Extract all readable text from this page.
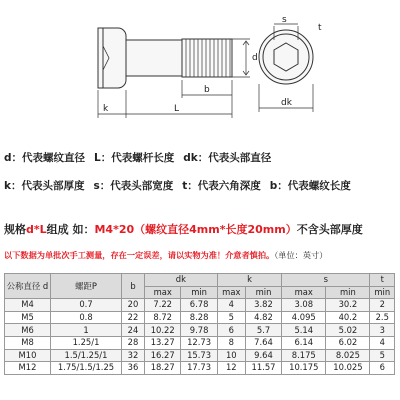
d
k	L
b
dk
t
s
d：代表螺纹直径 L：代表螺杆长度 dk：代表头部直径
k：代表头部厚度 s：代表头部宽度 t：代表六角深度 b：代表螺纹长度
规格d*L组成 如：M4*20（螺纹直径4mm*长度20mm）不含头部厚度
以下数据为单批次手工测量，存在一定误差，请以实物为准！介意者慎拍。（单位：英寸）
公称直径 d	螺距P	b	dk		k		s		t
			max	min	max	min	max	min	min
M4	0.7	20	7.22	6.78	4	3.82	3.08	30.2	2
M5	0.8	22	8.72	8.28	5	4.82	4.095	40.2	2.5
M6	1	24	10.22	9.78	6	5.7	5.14	5.02	3
M8	1.25/1	28	13.27	12.73	8	7.64	6.14	6.02	4
M10	1.5/1.25/1	32	16.27	15.73	10	9.64	8.175	8.025	5
M12	1.75/1.5/1.25	36	18.27	17.73	12	11.57	10.175	10.025	6
